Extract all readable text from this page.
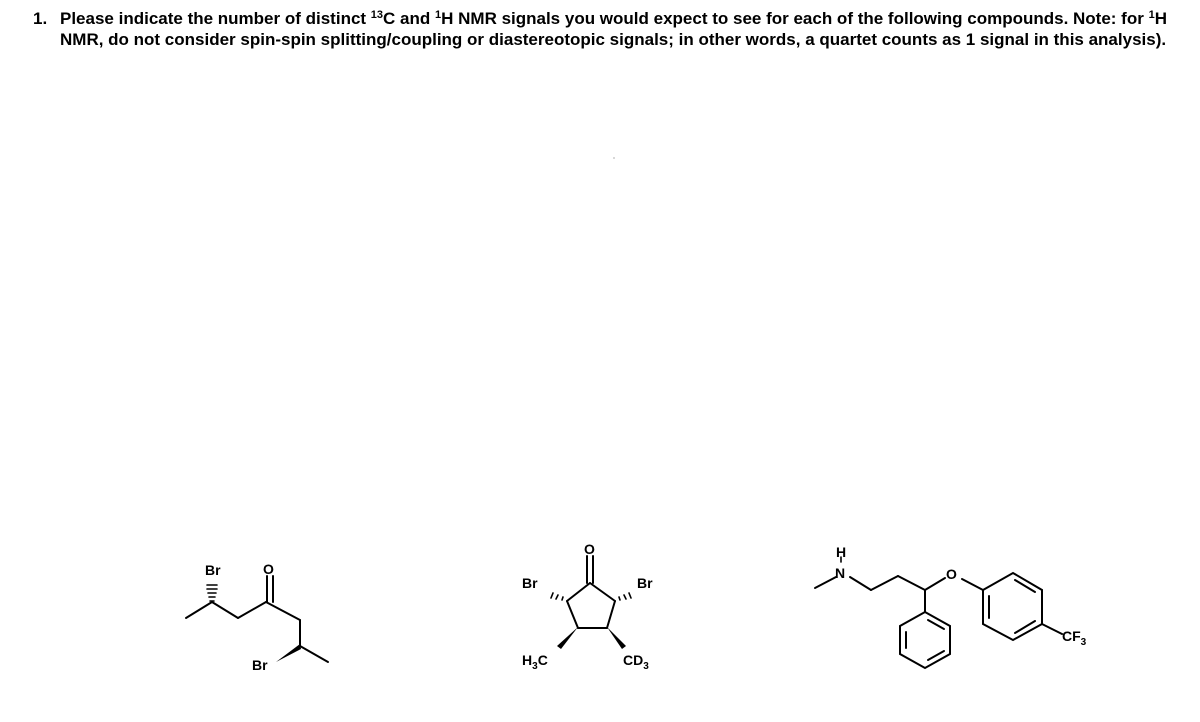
1. Please indicate the number of distinct $^{13}$C and $^1$H NMR signals you would expect to see for each of the following compounds. Note: for $^1$H NMR, do not consider spin-spin splitting/coupling or diastereotopic signals; in other words, a quartet counts as 1 signal in this analysis).
Br	O
Br
O
Br	Br
$H_3C$	$CD_3$
H
N	O
$CF_3$
